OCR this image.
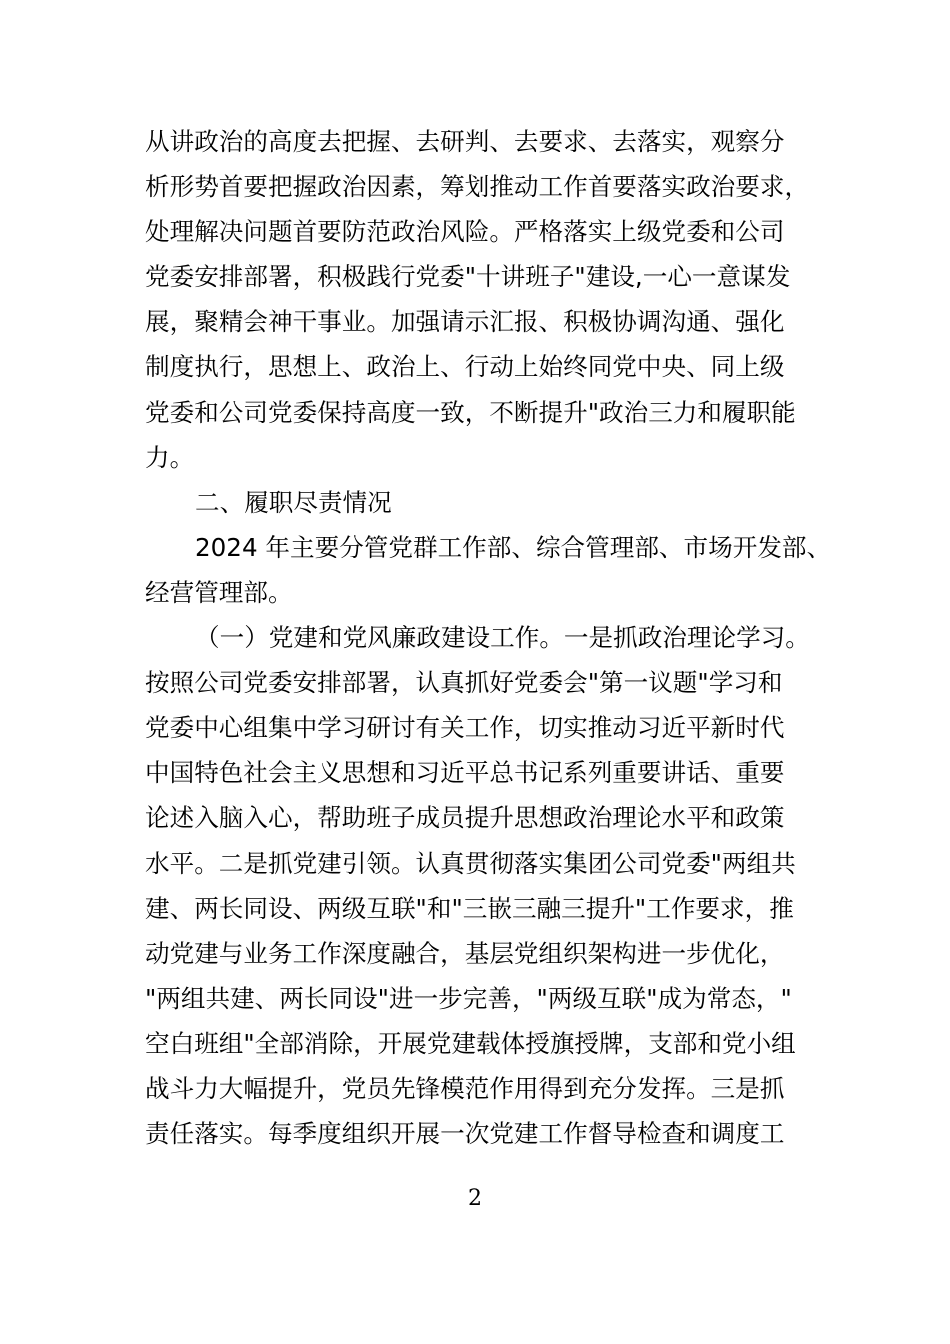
从讲政治的高度去把握、去研判、去要求、去落实，观察分
析形势首要把握政治因素，筹划推动工作首要落实政治要求，
处理解决问题首要防范政治风险。严格落实上级党委和公司
党委安排部署，积极践行党委"十讲班子"建设,一心一意谋发
展，聚精会神干事业。加强请示汇报、积极协调沟通、强化
制度执行，思想上、政治上、行动上始终同党中央、同上级
党委和公司党委保持高度一致，不断提升"政治三力和履职能
力。
二、履职尽责情况
2024 年主要分管党群工作部、综合管理部、市场开发部、
经营管理部。
（一）党建和党风廉政建设工作。一是抓政治理论学习。
按照公司党委安排部署，认真抓好党委会"第一议题"学习和
党委中心组集中学习研讨有关工作，切实推动习近平新时代
中国特色社会主义思想和习近平总书记系列重要讲话、重要
论述入脑入心，帮助班子成员提升思想政治理论水平和政策
水平。二是抓党建引领。认真贯彻落实集团公司党委"两组共
建、两长同设、两级互联"和"三嵌三融三提升"工作要求，推
动党建与业务工作深度融合，基层党组织架构进一步优化，
"两组共建、两长同设"进一步完善，"两级互联"成为常态，"
空白班组"全部消除，开展党建载体授旗授牌，支部和党小组
战斗力大幅提升，党员先锋模范作用得到充分发挥。三是抓
责任落实。每季度组织开展一次党建工作督导检查和调度工
2
